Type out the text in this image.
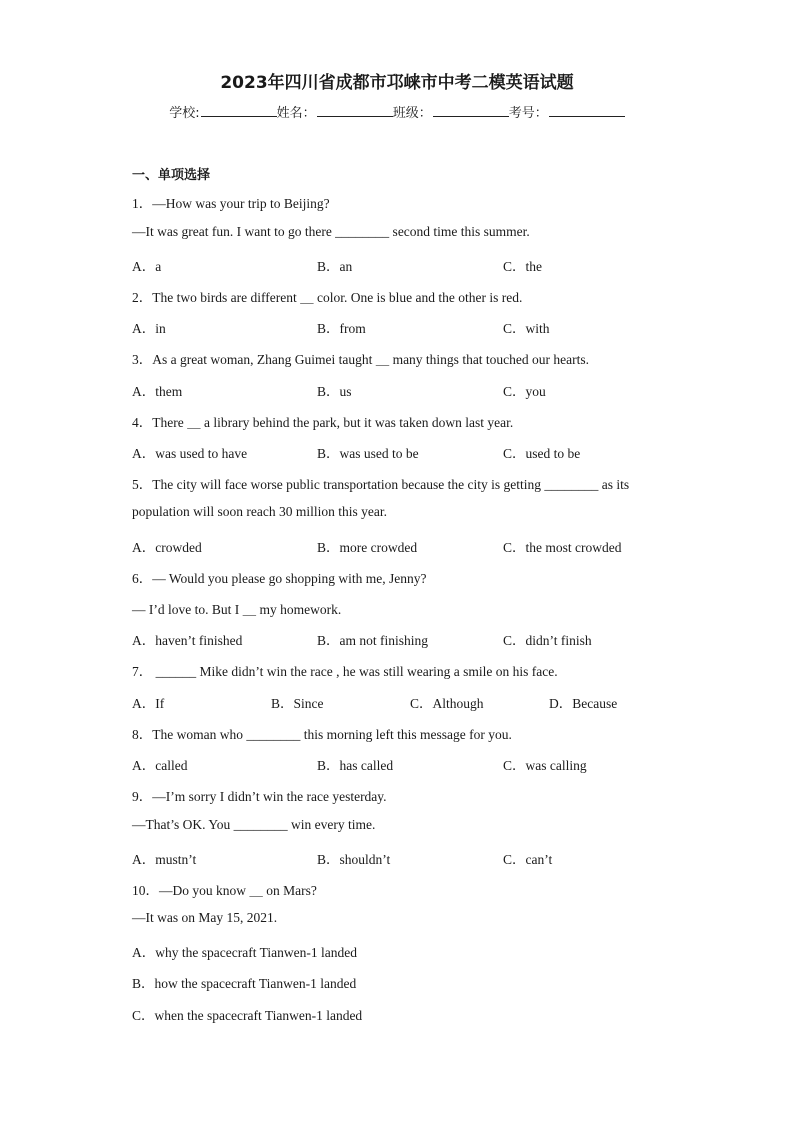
2023年四川省成都市邛崃市中考二模英语试题
学校:	姓名：	班级：	考号：
一、单项选择
1．—How was your trip to Beijing?
—It was great fun. I want to go there ________ second time this summer.
A．a	B．an	C．the
2．The two birds are different ＿ color. One is blue and the other is red.
A．in	B．from	C．with
3．As a great woman, Zhang Guimei taught ＿ many things that touched our hearts.
A．them	B．us	C．you
4．There ＿ a library behind the park, but it was taken down last year.
A．was used to have	B．was used to be	C．used to be
5．The city will face worse public transportation because the city is getting ________ as its
population will soon reach 30 million this year.
A．crowded	B．more crowded	C．the most crowded
6．— Would you please go shopping with me, Jenny?
— I’d love to. But I ＿ my homework.
A．haven’t finished	B．am not finishing	C．didn’t finish
7． ______ Mike didn’t win the race , he was still wearing a smile on his face.
A．If	B．Since	C．Although	D．Because
8．The woman who ________ this morning left this message for you.
A．called	B．has called	C．was calling
9．—I’m sorry I didn’t win the race yesterday.
—That’s OK. You ________ win every time.
A．mustn’t	B．shouldn’t	C．can’t
10．—Do you know ＿ on Mars?
—It was on May 15, 2021.
A．why the spacecraft Tianwen-1 landed
B．how the spacecraft Tianwen-1 landed
C．when the spacecraft Tianwen-1 landed
